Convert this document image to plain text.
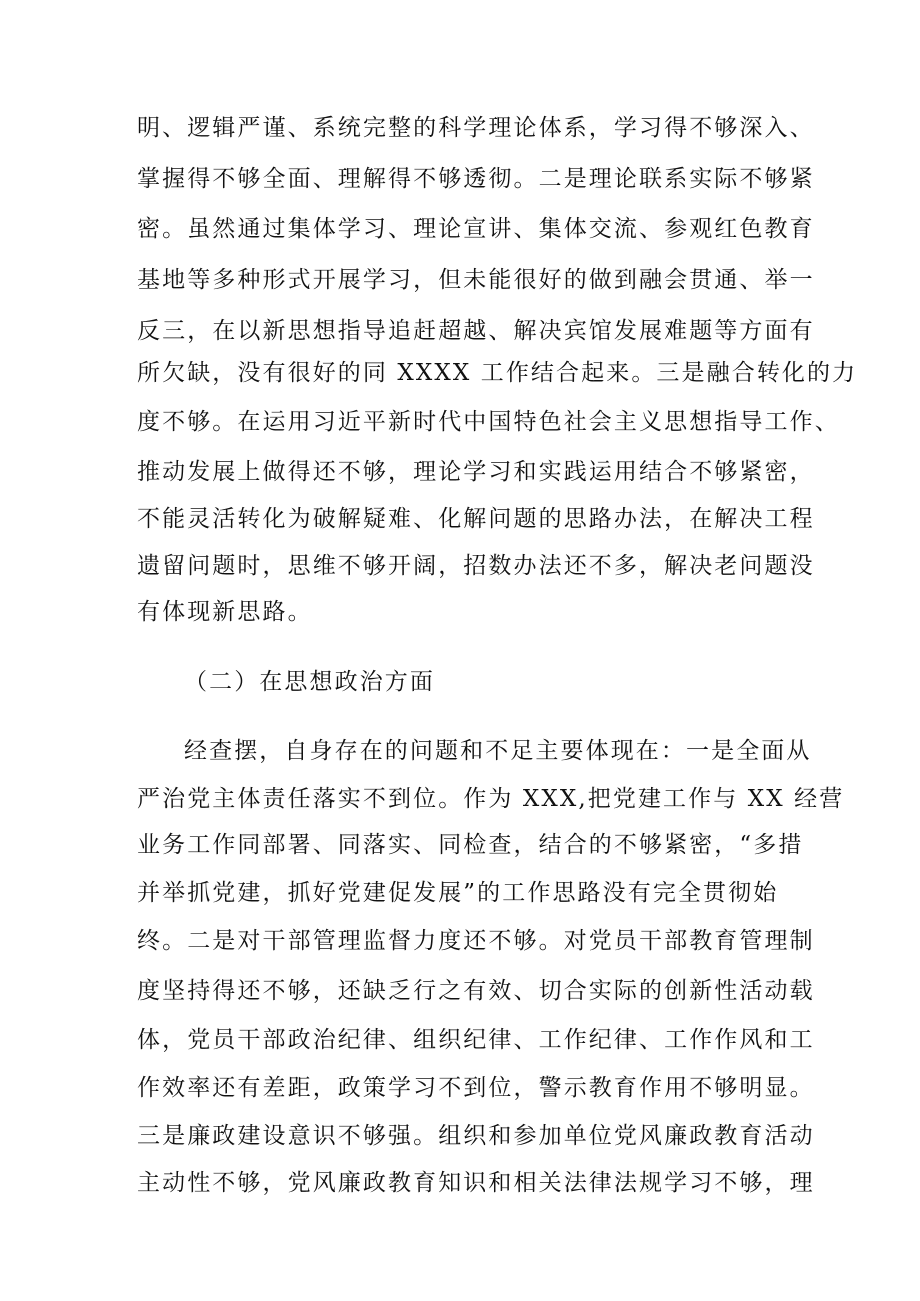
明、逻辑严谨、系统完整的科学理论体系，学习得不够深入、

掌握得不够全面、理解得不够透彻。二是理论联系实际不够紧

密。虽然通过集体学习、理论宣讲、集体交流、参观红色教育

基地等多种形式开展学习，但未能很好的做到融会贯通、举一

反三，在以新思想指导追赶超越、解决宾馆发展难题等方面有

所欠缺，没有很好的同 XXXX 工作结合起来。三是融合转化的力

度不够。在运用习近平新时代中国特色社会主义思想指导工作、

推动发展上做得还不够，理论学习和实践运用结合不够紧密，

不能灵活转化为破解疑难、化解问题的思路办法，在解决工程

遗留问题时，思维不够开阔，招数办法还不多，解决老问题没

有体现新思路。

（二）在思想政治方面

经查摆，自身存在的问题和不足主要体现在：一是全面从

严治党主体责任落实不到位。作为 XXX,把党建工作与 XX 经营

业务工作同部署、同落实、同检查，结合的不够紧密，“多措

并举抓党建，抓好党建促发展”的工作思路没有完全贯彻始

终。二是对干部管理监督力度还不够。对党员干部教育管理制

度坚持得还不够，还缺乏行之有效、切合实际的创新性活动载

体，党员干部政治纪律、组织纪律、工作纪律、工作作风和工

作效率还有差距，政策学习不到位，警示教育作用不够明显。

三是廉政建设意识不够强。组织和参加单位党风廉政教育活动

主动性不够，党风廉政教育知识和相关法律法规学习不够，理
